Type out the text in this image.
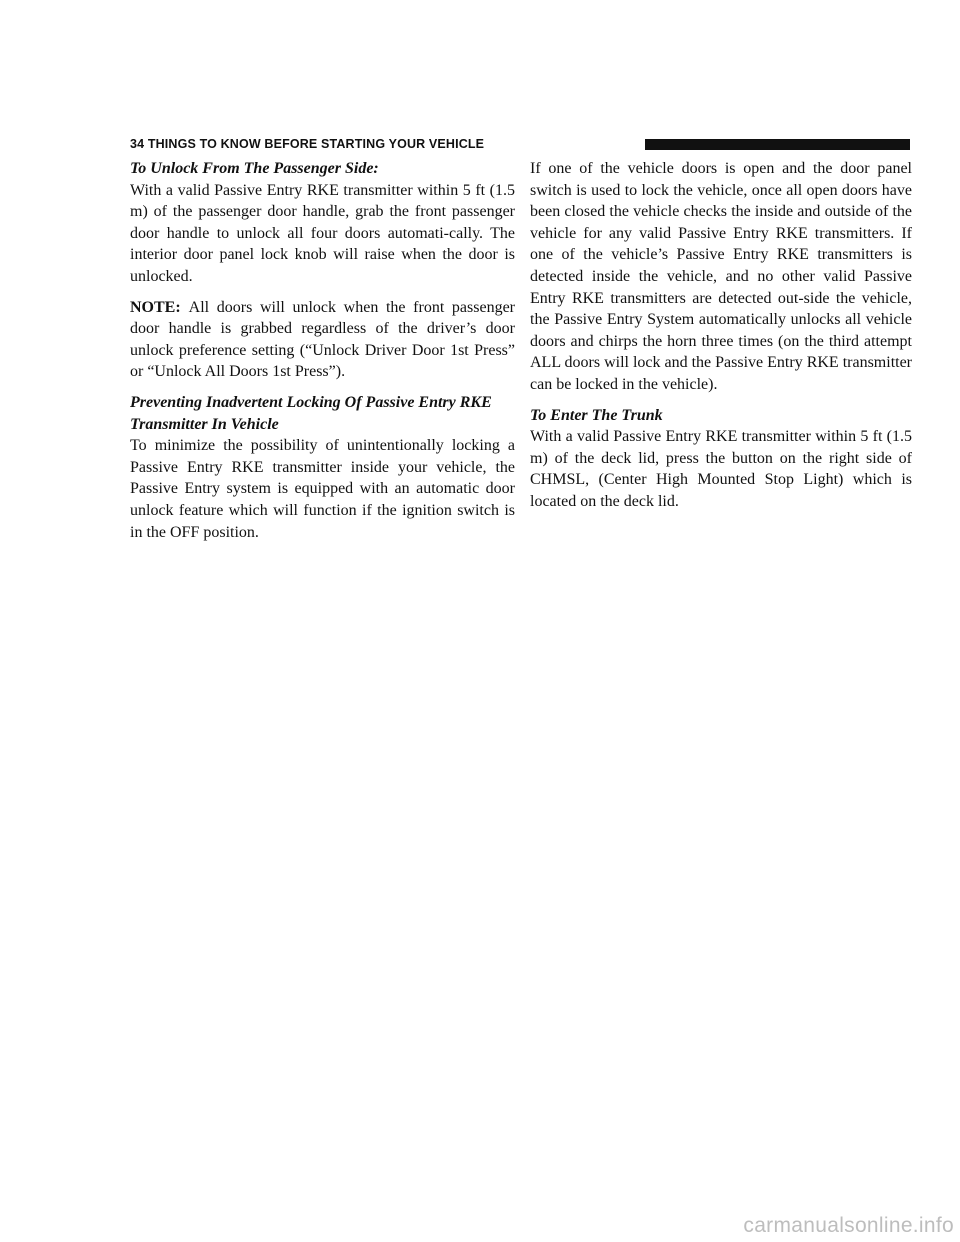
34 THINGS TO KNOW BEFORE STARTING YOUR VEHICLE

To Unlock From The Passenger Side:
With a valid Passive Entry RKE transmitter within 5 ft (1.5 m) of the passenger door handle, grab the front passenger door handle to unlock all four doors automati-cally. The interior door panel lock knob will raise when the door is unlocked.

NOTE: All doors will unlock when the front passenger door handle is grabbed regardless of the driver’s door unlock preference setting (“Unlock Driver Door 1st Press” or “Unlock All Doors 1st Press”).

Preventing Inadvertent Locking Of Passive Entry RKE Transmitter In Vehicle
To minimize the possibility of unintentionally locking a Passive Entry RKE transmitter inside your vehicle, the Passive Entry system is equipped with an automatic door unlock feature which will function if the ignition switch is in the OFF position.

If one of the vehicle doors is open and the door panel switch is used to lock the vehicle, once all open doors have been closed the vehicle checks the inside and outside of the vehicle for any valid Passive Entry RKE transmitters. If one of the vehicle’s Passive Entry RKE transmitters is detected inside the vehicle, and no other valid Passive Entry RKE transmitters are detected out-side the vehicle, the Passive Entry System automatically unlocks all vehicle doors and chirps the horn three times (on the third attempt ALL doors will lock and the Passive Entry RKE transmitter can be locked in the vehicle).

To Enter The Trunk
With a valid Passive Entry RKE transmitter within 5 ft (1.5 m) of the deck lid, press the button on the right side of CHMSL, (Center High Mounted Stop Light) which is located on the deck lid.

carmanualsonline.info
